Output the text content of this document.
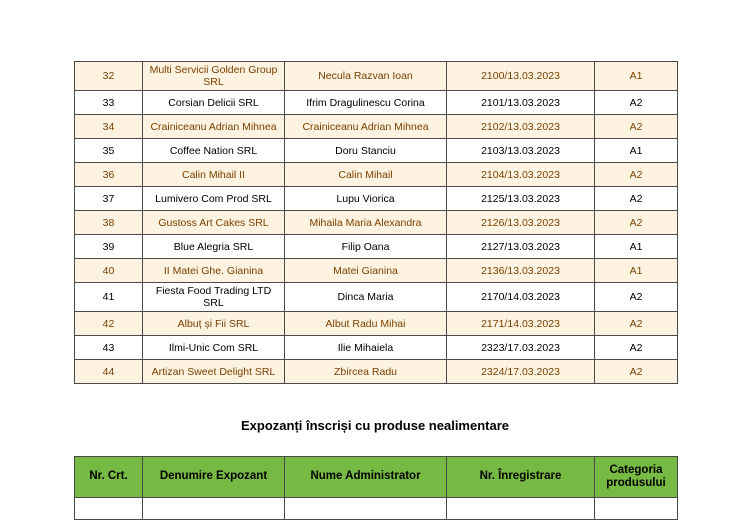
32	Multi Servicii Golden Group SRL	Necula Razvan Ioan	2100/13.03.2023	A1
33	Corsian Delicii SRL	Ifrim Dragulinescu Corina	2101/13.03.2023	A2
34	Crainiceanu Adrian Mihnea	Crainiceanu Adrian Mihnea	2102/13.03.2023	A2
35	Coffee Nation SRL	Doru Stanciu	2103/13.03.2023	A1
36	Calin Mihail II	Calin Mihail	2104/13.03.2023	A2
37	Lumivero Com Prod SRL	Lupu Viorica	2125/13.03.2023	A2
38	Gustoss Art Cakes SRL	Mihaila Maria Alexandra	2126/13.03.2023	A2
39	Blue Alegria SRL	Filip Oana	2127/13.03.2023	A1
40	II Matei Ghe. Gianina	Matei Gianina	2136/13.03.2023	A1
41	Fiesta Food Trading LTD SRL	Dinca Maria	2170/14.03.2023	A2
42	Albuț și Fii SRL	Albut Radu Mihai	2171/14.03.2023	A2
43	Ilmi-Unic Com SRL	Ilie Mihaiela	2323/17.03.2023	A2
44	Artizan Sweet Delight SRL	Zbircea Radu	2324/17.03.2023	A2
Expozanți înscriși cu produse nealimentare
Nr. Crt.	Denumire Expozant	Nume Administrator	Nr. Înregistrare	Categoria produsului
